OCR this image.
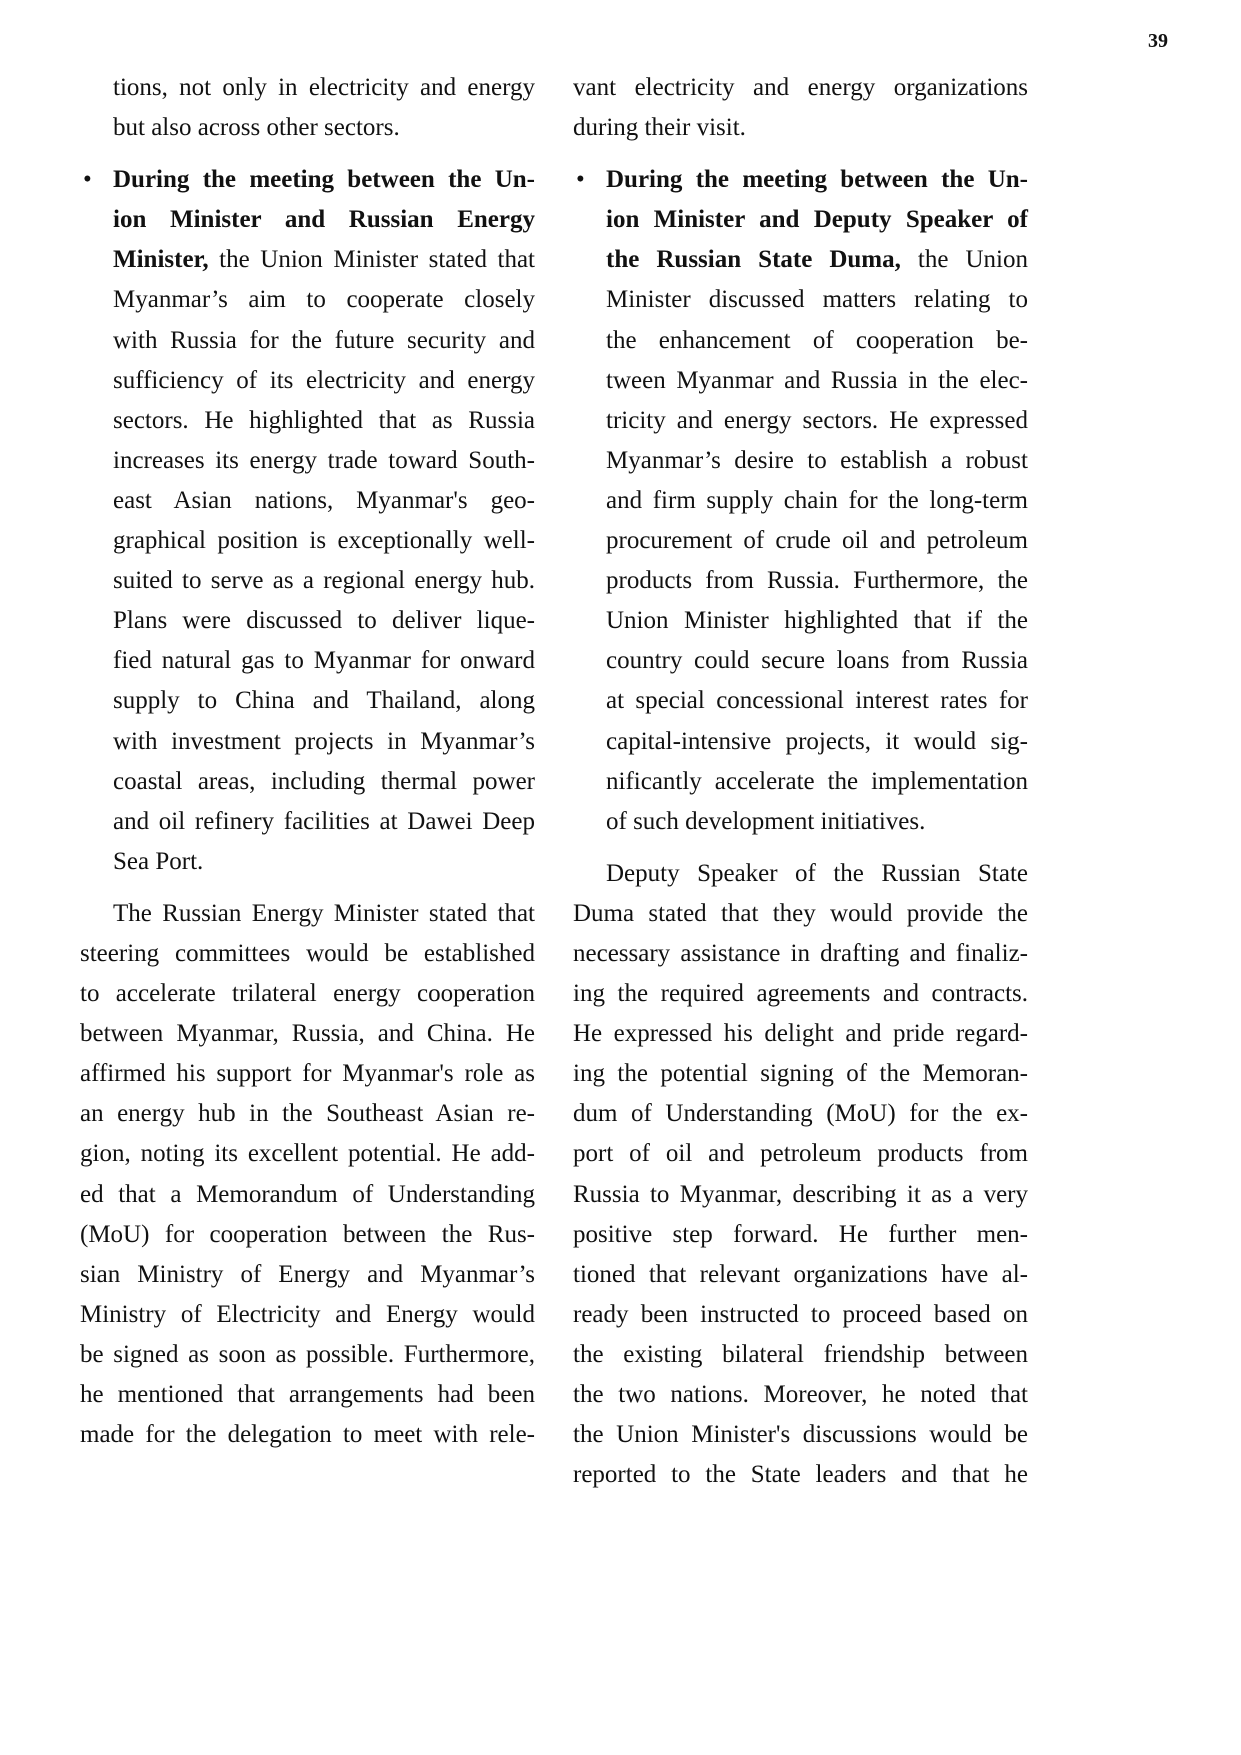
39
tions, not only in electricity and energy
but also across other sectors.
• During the meeting between the Un-
ion Minister and Russian Energy
Minister, the Union Minister stated that
Myanmar’s aim to cooperate closely
with Russia for the future security and
sufficiency of its electricity and energy
sectors. He highlighted that as Russia
increases its energy trade toward South-
east Asian nations, Myanmar's geo-
graphical position is exceptionally well-
suited to serve as a regional energy hub.
Plans were discussed to deliver lique-
fied natural gas to Myanmar for onward
supply to China and Thailand, along
with investment projects in Myanmar’s
coastal areas, including thermal power
and oil refinery facilities at Dawei Deep
Sea Port.
The Russian Energy Minister stated that
steering committees would be established
to accelerate trilateral energy cooperation
between Myanmar, Russia, and China. He
affirmed his support for Myanmar's role as
an energy hub in the Southeast Asian re-
gion, noting its excellent potential. He add-
ed that a Memorandum of Understanding
(MoU) for cooperation between the Rus-
sian Ministry of Energy and Myanmar’s
Ministry of Electricity and Energy would
be signed as soon as possible. Furthermore,
he mentioned that arrangements had been
made for the delegation to meet with rele-
vant electricity and energy organizations
during their visit.
• During the meeting between the Un-
ion Minister and Deputy Speaker of
the Russian State Duma, the Union
Minister discussed matters relating to
the enhancement of cooperation be-
tween Myanmar and Russia in the elec-
tricity and energy sectors. He expressed
Myanmar’s desire to establish a robust
and firm supply chain for the long-term
procurement of crude oil and petroleum
products from Russia. Furthermore, the
Union Minister highlighted that if the
country could secure loans from Russia
at special concessional interest rates for
capital-intensive projects, it would sig-
nificantly accelerate the implementation
of such development initiatives.
Deputy Speaker of the Russian State
Duma stated that they would provide the
necessary assistance in drafting and finaliz-
ing the required agreements and contracts.
He expressed his delight and pride regard-
ing the potential signing of the Memoran-
dum of Understanding (MoU) for the ex-
port of oil and petroleum products from
Russia to Myanmar, describing it as a very
positive step forward. He further men-
tioned that relevant organizations have al-
ready been instructed to proceed based on
the existing bilateral friendship between
the two nations. Moreover, he noted that
the Union Minister's discussions would be
reported to the State leaders and that he
